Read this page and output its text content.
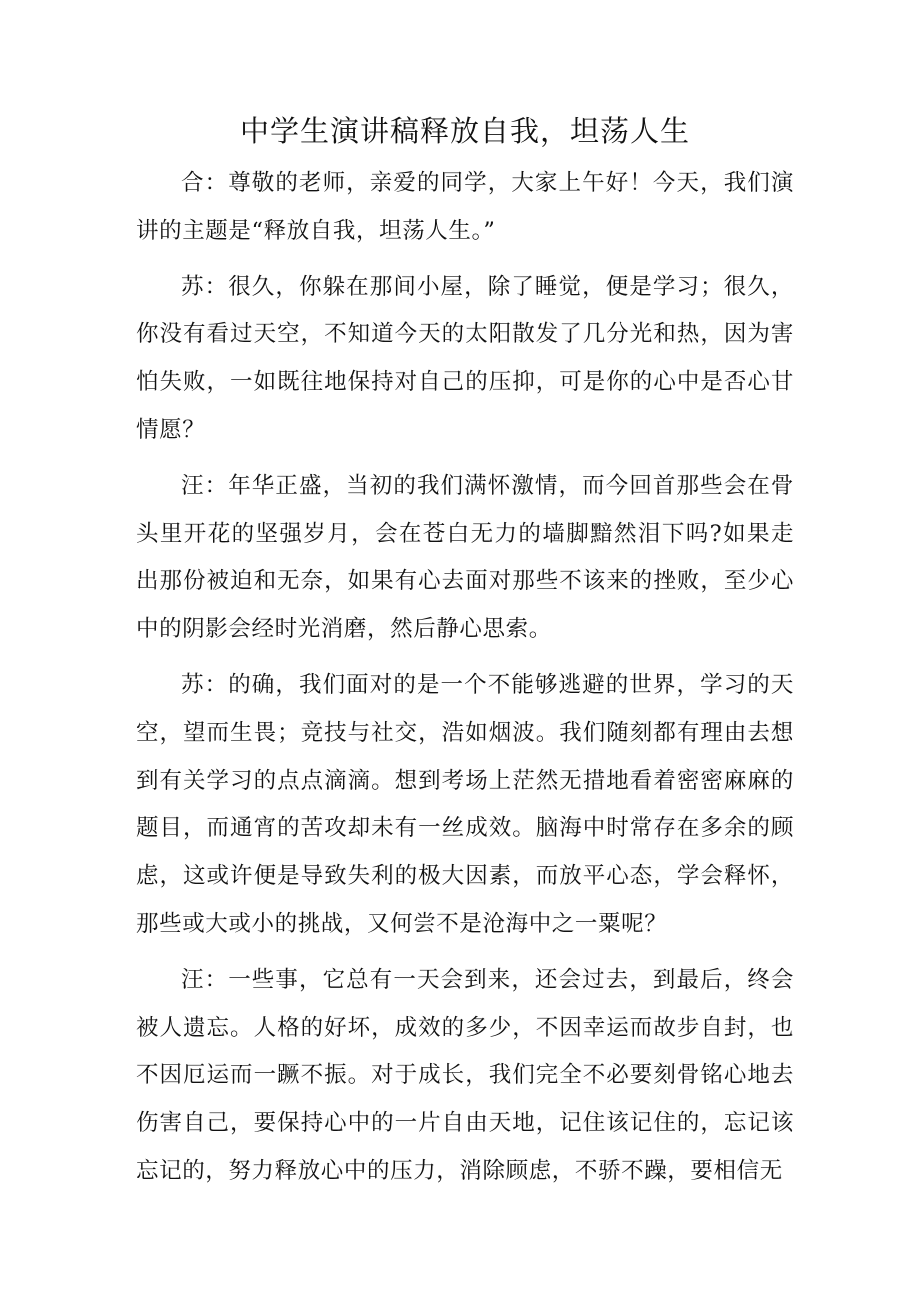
中学生演讲稿释放自我，坦荡人生

合：尊敬的老师，亲爱的同学，大家上午好！今天，我们演讲的主题是“释放自我，坦荡人生。”

苏：很久，你躲在那间小屋，除了睡觉，便是学习；很久，你没有看过天空，不知道今天的太阳散发了几分光和热，因为害怕失败，一如既往地保持对自己的压抑，可是你的心中是否心甘情愿？

汪：年华正盛，当初的我们满怀激情，而今回首那些会在骨头里开花的坚强岁月，会在苍白无力的墙脚黯然泪下吗?如果走出那份被迫和无奈，如果有心去面对那些不该来的挫败，至少心中的阴影会经时光消磨，然后静心思索。

苏：的确，我们面对的是一个不能够逃避的世界，学习的天空，望而生畏；竞技与社交，浩如烟波。我们随刻都有理由去想到有关学习的点点滴滴。想到考场上茫然无措地看着密密麻麻的题目，而通宵的苦攻却未有一丝成效。脑海中时常存在多余的顾虑，这或许便是导致失利的极大因素，而放平心态，学会释怀，那些或大或小的挑战，又何尝不是沧海中之一粟呢？

汪：一些事，它总有一天会到来，还会过去，到最后，终会被人遗忘。人格的好坏，成效的多少，不因幸运而故步自封，也不因厄运而一蹶不振。对于成长，我们完全不必要刻骨铭心地去伤害自己，要保持心中的一片自由天地，记住该记住的，忘记该忘记的，努力释放心中的压力，消除顾虑，不骄不躁，要相信无
